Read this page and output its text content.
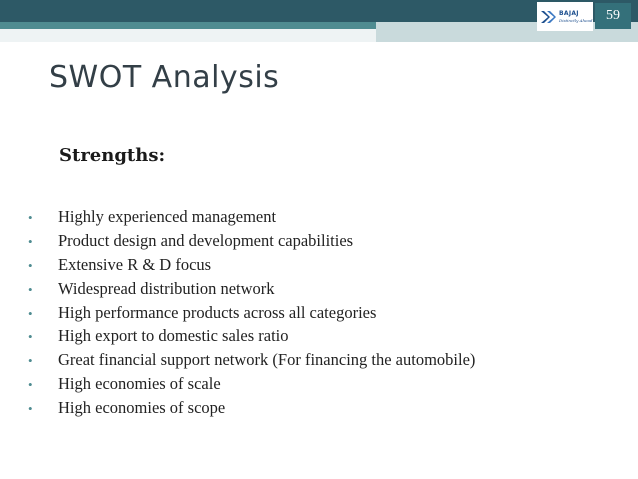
BAJAJ
Distinctly Ahead 59
SWOT Analysis
Strengths:
•	Highly experienced management
•	Product design and development capabilities
•	Extensive R & D focus
•	Widespread distribution network
•	High performance products across all categories
•	High export to domestic sales ratio
•	Great financial support network (For financing the automobile)
•	High economies of scale
•	High economies of scope
